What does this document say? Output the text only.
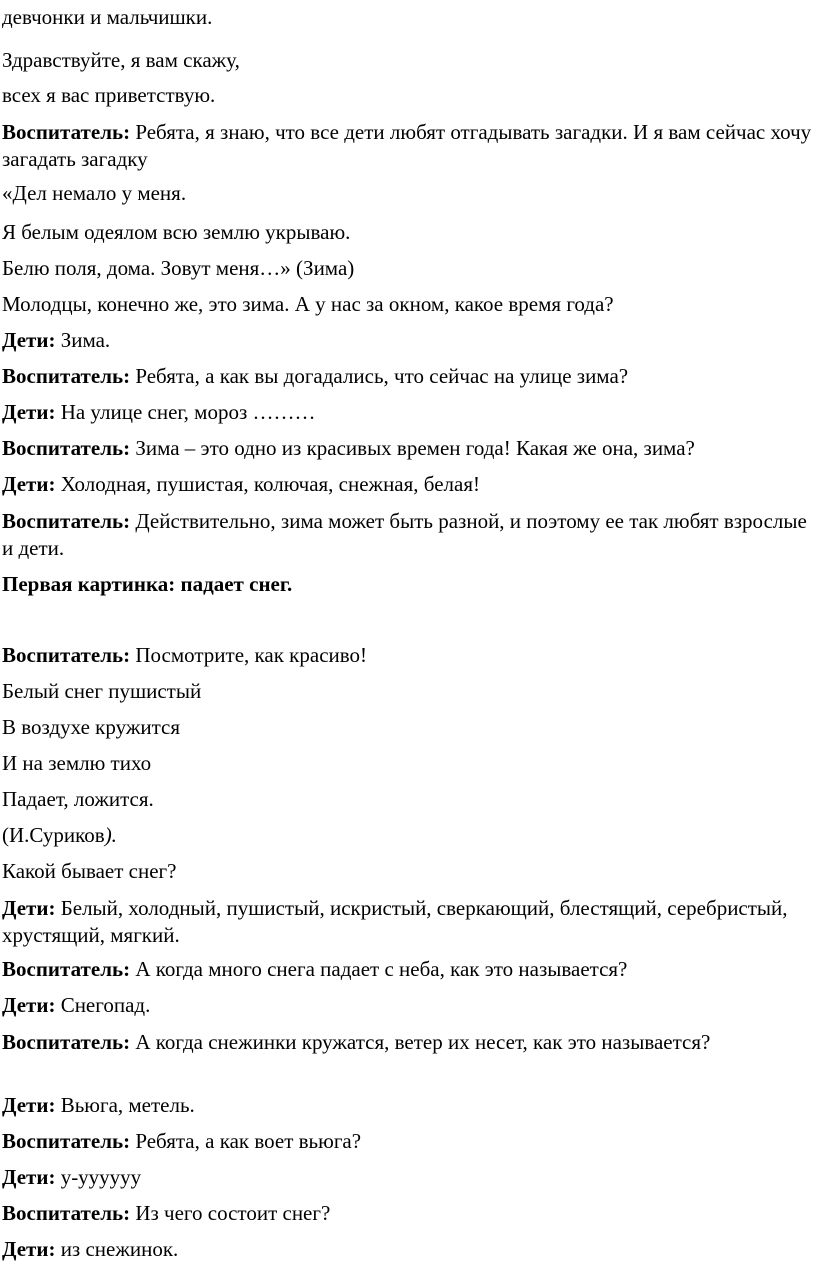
девчонки и мальчишки.
Здравствуйте, я вам скажу,
всех я вас приветствую.
Воспитатель: Ребята, я знаю, что все дети любят отгадывать загадки. И я вам сейчас хочу загадать загадку
«Дел немало у меня.
Я белым одеялом всю землю укрываю.
Белю поля, дома. Зовут меня…» (Зима)
Молодцы, конечно же, это зима. А у нас за окном, какое время года?
Дети: Зима.
Воспитатель: Ребята, а как вы догадались, что сейчас на улице зима?
Дети: На улице снег, мороз ………
Воспитатель: Зима – это одно из красивых времен года! Какая же она, зима?
Дети: Холодная, пушистая, колючая, снежная, белая!
Воспитатель: Действительно, зима может быть разной, и поэтому ее так любят взрослые и дети.
Первая картинка: падает снег.
Воспитатель: Посмотрите, как красиво!
Белый снег пушистый
В воздухе кружится
И на землю тихо
Падает, ложится.
(И.Суриков).
Какой бывает снег?
Дети: Белый, холодный, пушистый, искристый, сверкающий, блестящий, серебристый, хрустящий, мягкий.
Воспитатель: А когда много снега падает с неба, как это называется?
Дети: Снегопад.
Воспитатель: А когда снежинки кружатся, ветер их несет, как это называется?
Дети: Вьюга, метель.
Воспитатель: Ребята, а как воет вьюга?
Дети: у-уууууу
Воспитатель: Из чего состоит снег?
Дети: из снежинок.
